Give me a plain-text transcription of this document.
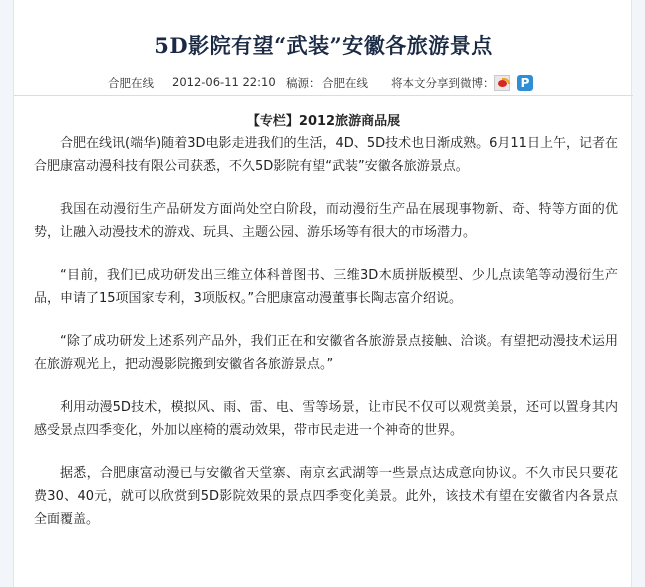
5D影院有望“武装”安徽各旅游景点
合肥在线 2012-06-11 22:10 稿源： 合肥在线 将本文分享到微博： P
【专栏】2012旅游商品展

合肥在线讯(端华)随着3D电影走进我们的生活，4D、5D技术也日渐成熟。6月11日上午，记者在合肥康富动漫科技有限公司获悉，不久5D影院有望“武装”安徽各旅游景点。

我国在动漫衍生产品研发方面尚处空白阶段，而动漫衍生产品在展现事物新、奇、特等方面的优势，让融入动漫技术的游戏、玩具、主题公园、游乐场等有很大的市场潜力。

“目前，我们已成功研发出三维立体科普图书、三维3D木质拼版模型、少儿点读笔等动漫衍生产品，申请了15项国家专利，3项版权。”合肥康富动漫董事长陶志富介绍说。

“除了成功研发上述系列产品外，我们正在和安徽省各旅游景点接触、洽谈。有望把动漫技术运用在旅游观光上，把动漫影院搬到安徽省各旅游景点。”

利用动漫5D技术，模拟风、雨、雷、电、雪等场景，让市民不仅可以观赏美景，还可以置身其内感受景点四季变化，外加以座椅的震动效果，带市民走进一个神奇的世界。

据悉，合肥康富动漫已与安徽省天堂寨、南京玄武湖等一些景点达成意向协议。不久市民只要花费30、40元，就可以欣赏到5D影院效果的景点四季变化美景。此外，该技术有望在安徽省内各景点全面覆盖。
